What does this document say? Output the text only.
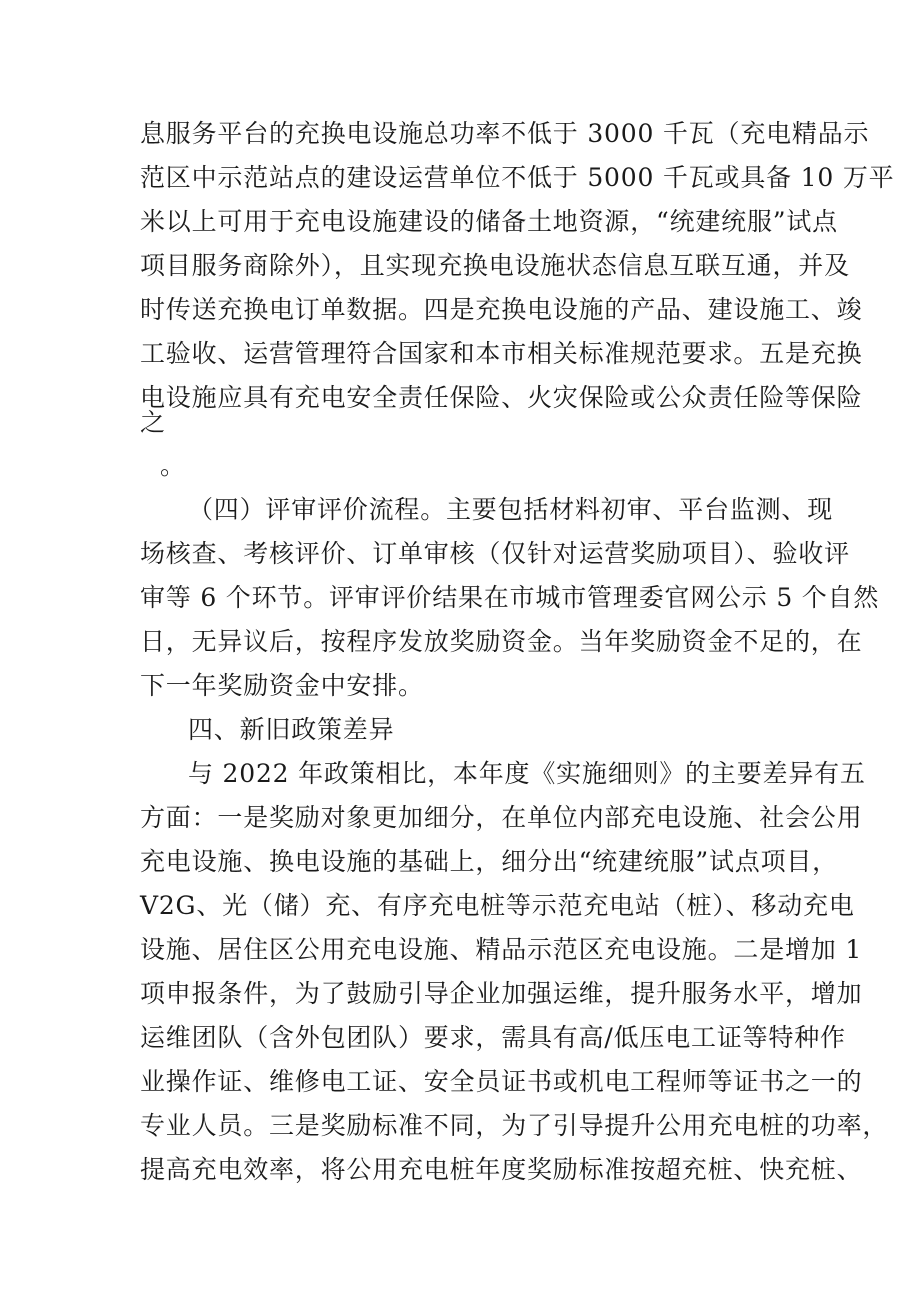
息服务平台的充换电设施总功率不低于 3000 千瓦（充电精品示
范区中示范站点的建设运营单位不低于 5000 千瓦或具备 10 万平
米以上可用于充电设施建设的储备土地资源，“统建统服”试点
项目服务商除外），且实现充换电设施状态信息互联互通，并及
时传送充换电订单数据。四是充换电设施的产品、建设施工、竣
工验收、运营管理符合国家和本市相关标准规范要求。五是充换
电设施应具有充电安全责任保险、火灾保险或公众责任险等保险
之
。
（四）评审评价流程。主要包括材料初审、平台监测、现
场核查、考核评价、订单审核（仅针对运营奖励项目）、验收评
审等 6 个环节。评审评价结果在市城市管理委官网公示 5 个自然
日，无异议后，按程序发放奖励资金。当年奖励资金不足的，在
下一年奖励资金中安排。
四、新旧政策差异
与 2022 年政策相比，本年度《实施细则》的主要差异有五
方面：一是奖励对象更加细分，在单位内部充电设施、社会公用
充电设施、换电设施的基础上，细分出“统建统服”试点项目，
V2G、光（储）充、有序充电桩等示范充电站（桩）、移动充电
设施、居住区公用充电设施、精品示范区充电设施。二是增加 1
项申报条件，为了鼓励引导企业加强运维，提升服务水平，增加
运维团队（含外包团队）要求，需具有高/低压电工证等特种作
业操作证、维修电工证、安全员证书或机电工程师等证书之一的
专业人员。三是奖励标准不同，为了引导提升公用充电桩的功率，
提高充电效率，将公用充电桩年度奖励标准按超充桩、快充桩、
